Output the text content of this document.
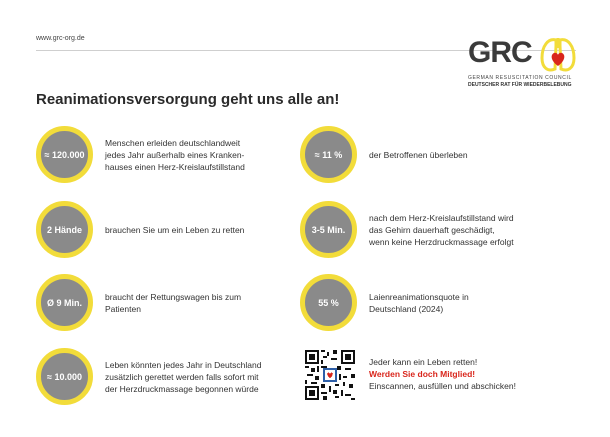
www.grc-org.de	GRC
GERMAN RESUSCITATION COUNCIL
DEUTSCHER RAT FÜR WIEDERBELEBUNG
Reanimationsversorgung geht uns alle an!
≈ 120.000
Menschen erleiden deutschlandweit
jedes Jahr außerhalb eines Kranken-
hauses einen Herz-Kreislaufstillstand
≈ 11 %	der Betroffenen überleben
2 Hände	brauchen Sie um ein Leben zu retten	3-5 Min.
nach dem Herz-Kreislaufstillstand wird
das Gehirn dauerhaft geschädigt,
wenn keine Herzdruckmassage erfolgt
Ø 9 Min.
braucht der Rettungswagen bis zum
Patienten
55 %
Laienreanimationsquote in
Deutschland (2024)
≈ 10.000
Leben könnten jedes Jahr in Deutschland
zusätzlich gerettet werden falls sofort mit
der Herzdruckmassage begonnen würde
Jeder kann ein Leben retten!
Werden Sie doch Mitglied!
Einscannen, ausfüllen und abschicken!
